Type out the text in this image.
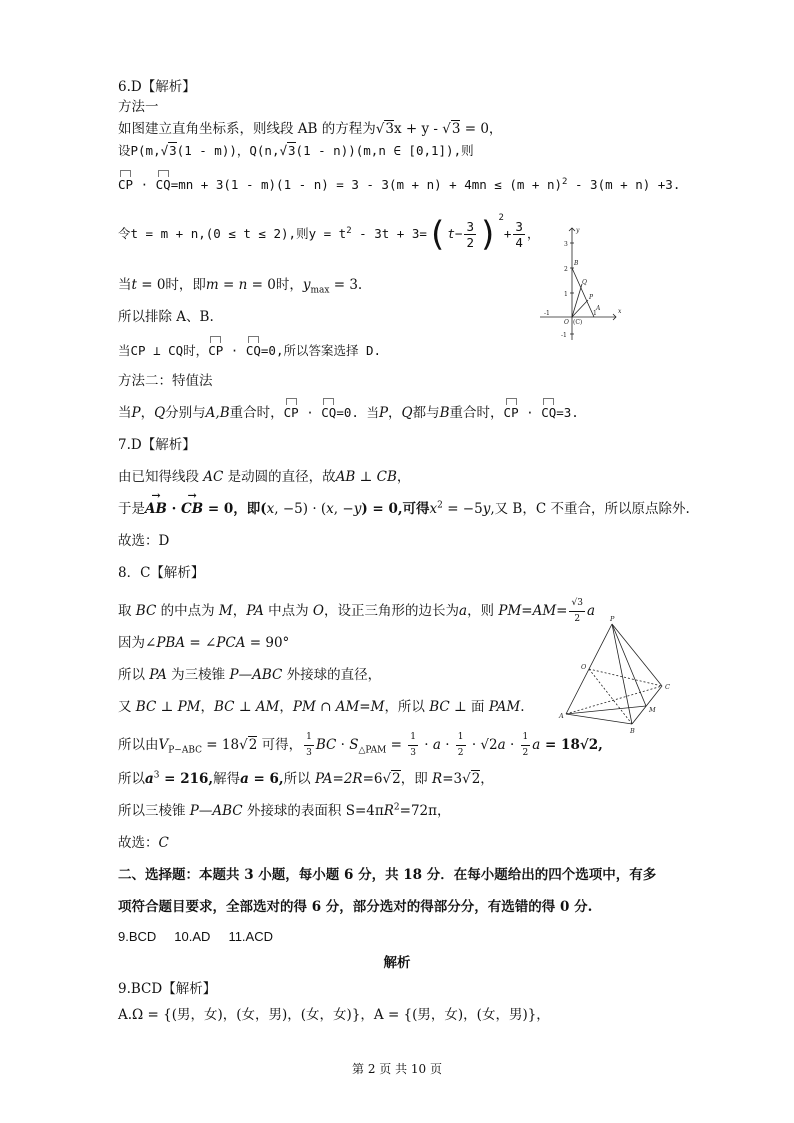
6.D【解析】
方法一
如图建立直角坐标系，则线段 AB 的方程为√3x + y - √3 = 0，
设P(m,√3(1 - m))，Q(n,√3(1 - n))(m,n ∈ [0,1]),则
CP · $CQ=mn + 3(1 - m)(1 - n) = 3 - 3(m + n) + 4mn \le (m + n)^2 - 3(m + n) +3$.
令t = m + n,(0 ≤ t ≤ 2),则$y = t^2 - 3t + 3=(t- \frac{3}{2} )^2+ \frac{3}{4}$ ，
当t = 0时，即m = n = 0时，$y_{max} = 3$.
所以排除 A、B.
当CP ⊥ CQ时，CP · CQ=0,所以答案选择 D.
方法二：特值法
当P，Q分别与A,B重合时，CP · CQ=0. 当P，Q都与B重合时，CP · CQ=3.
y
x
3
2
1
-1
-1	1
O (C)
B
Q
P
A
7.D【解析】
由已知得线段 AC 是动圆的直径，故AB ⊥ CB，
于是→ AB · → CB = 0，即(x, −5) · (x, −y) = 0,可得$x^2 = -5y$,又 B，C 不重合，所以原点除外.
故选：D
8．C【解析】
取 BC 的中点为 M，PA 中点为 O，设正三角形的边长为a，则 $PM=AM= \frac{√3}{2}$ a
因为∠PBA = ∠PCA = 90°
所以 PA 为三棱锥 P—ABC 外接球的直径，
又 BC ⊥ PM，BC ⊥ AM，PM ∩ AM=M，所以 BC ⊥ 面 PAM.
所以由$V_{P-ABC} = 18√2$ 可得， $\frac{1}{3}$ BC · $S_{\triangle PAM} = \frac{1}{3} \cdot a \cdot \frac{1}{2} \cdot √2a \cdot \frac{1}{2}$ a = 18√2,
所以$a^3 = 216$,解得a = 6,所以 PA=2R=6√2，即 R=3√2，
所以三棱锥 P—ABC 外接球的表面积 $S=4\pi R^2=72\pi$，
故选：C
P
O
C
A
M
B
二、选择题：本题共 3 小题，每小题 6 分，共 18 分．在每小题给出的四个选项中，有多
项符合题目要求，全部选对的得 6 分，部分选对的得部分分，有选错的得 0 分.
9.BCD 10.AD 11.ACD
解析
9.BCD【解析】
A.Ω = {(男，女)，(女，男)，(女，女)}，A = {(男，女)，(女，男)}，
第 2 页 共 10 页
